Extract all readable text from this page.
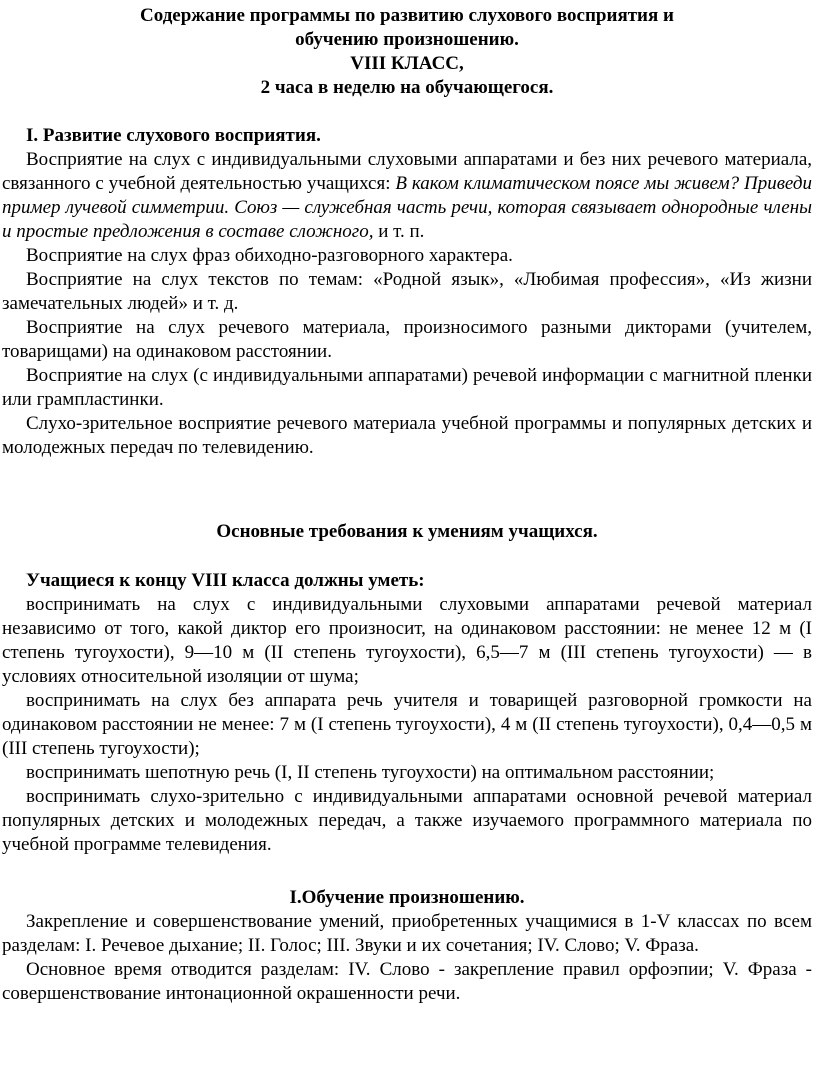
Содержание программы по развитию слухового восприятия и

обучению произношению.

VIII КЛАСС,

2 часа в неделю на обучающегося.

I. Развитие слухового восприятия.

Восприятие на слух с индивидуальными слуховыми аппаратами и без них речевого материала, связанного с учебной деятельностью учащихся: В каком климатическом поясе мы живем? Приведи пример лучевой симметрии. Союз — служебная часть речи, которая связывает однородные члены и простые предложения в составе сложного, и т. п.

Восприятие на слух фраз обиходно-разговорного характера.

Восприятие на слух текстов по темам: «Родной язык», «Любимая профессия», «Из жизни замечательных людей» и т. д.

Восприятие на слух речевого материала, произносимого разными дикторами (учителем, товарищами) на одинаковом расстоянии.

Восприятие на слух (с индивидуальными аппаратами) речевой информации с магнитной пленки или грампластинки.

Слухо-зрительное восприятие речевого материала учебной программы и популярных детских и молодежных передач по телевидению.

Основные требования к умениям учащихся.

Учащиеся к концу VIII класса должны уметь:

воспринимать на слух с индивидуальными слуховыми аппаратами речевой материал независимо от того, какой диктор его произносит, на одинаковом расстоянии: не менее 12 м (I степень тугоухости), 9—10 м (II степень тугоухости), 6,5—7 м (III степень тугоухости) — в условиях относительной изоляции от шума;

воспринимать на слух без аппарата речь учителя и товарищей разговорной громкости на одинаковом расстоянии не менее: 7 м (I степень тугоухости), 4 м (II степень тугоухости), 0,4—0,5 м (III степень тугоухости);

воспринимать шепотную речь (I, II степень тугоухости) на оптимальном расстоянии;

воспринимать слухо-зрительно с индивидуальными аппаратами основной речевой материал популярных детских и молодежных передач, а также изучаемого программного материала по учебной программе телевидения.

I.Обучение произношению.

Закрепление и совершенствование умений, приобретенных учащимися в 1-V классах по всем разделам: I. Речевое дыхание; II. Голос; III. Звуки и их сочетания; IV. Слово; V. Фраза.

Основное время отводится разделам: IV. Слово - закрепление правил орфоэпии; V. Фраза - совершенствование интонационной окрашенности речи.
